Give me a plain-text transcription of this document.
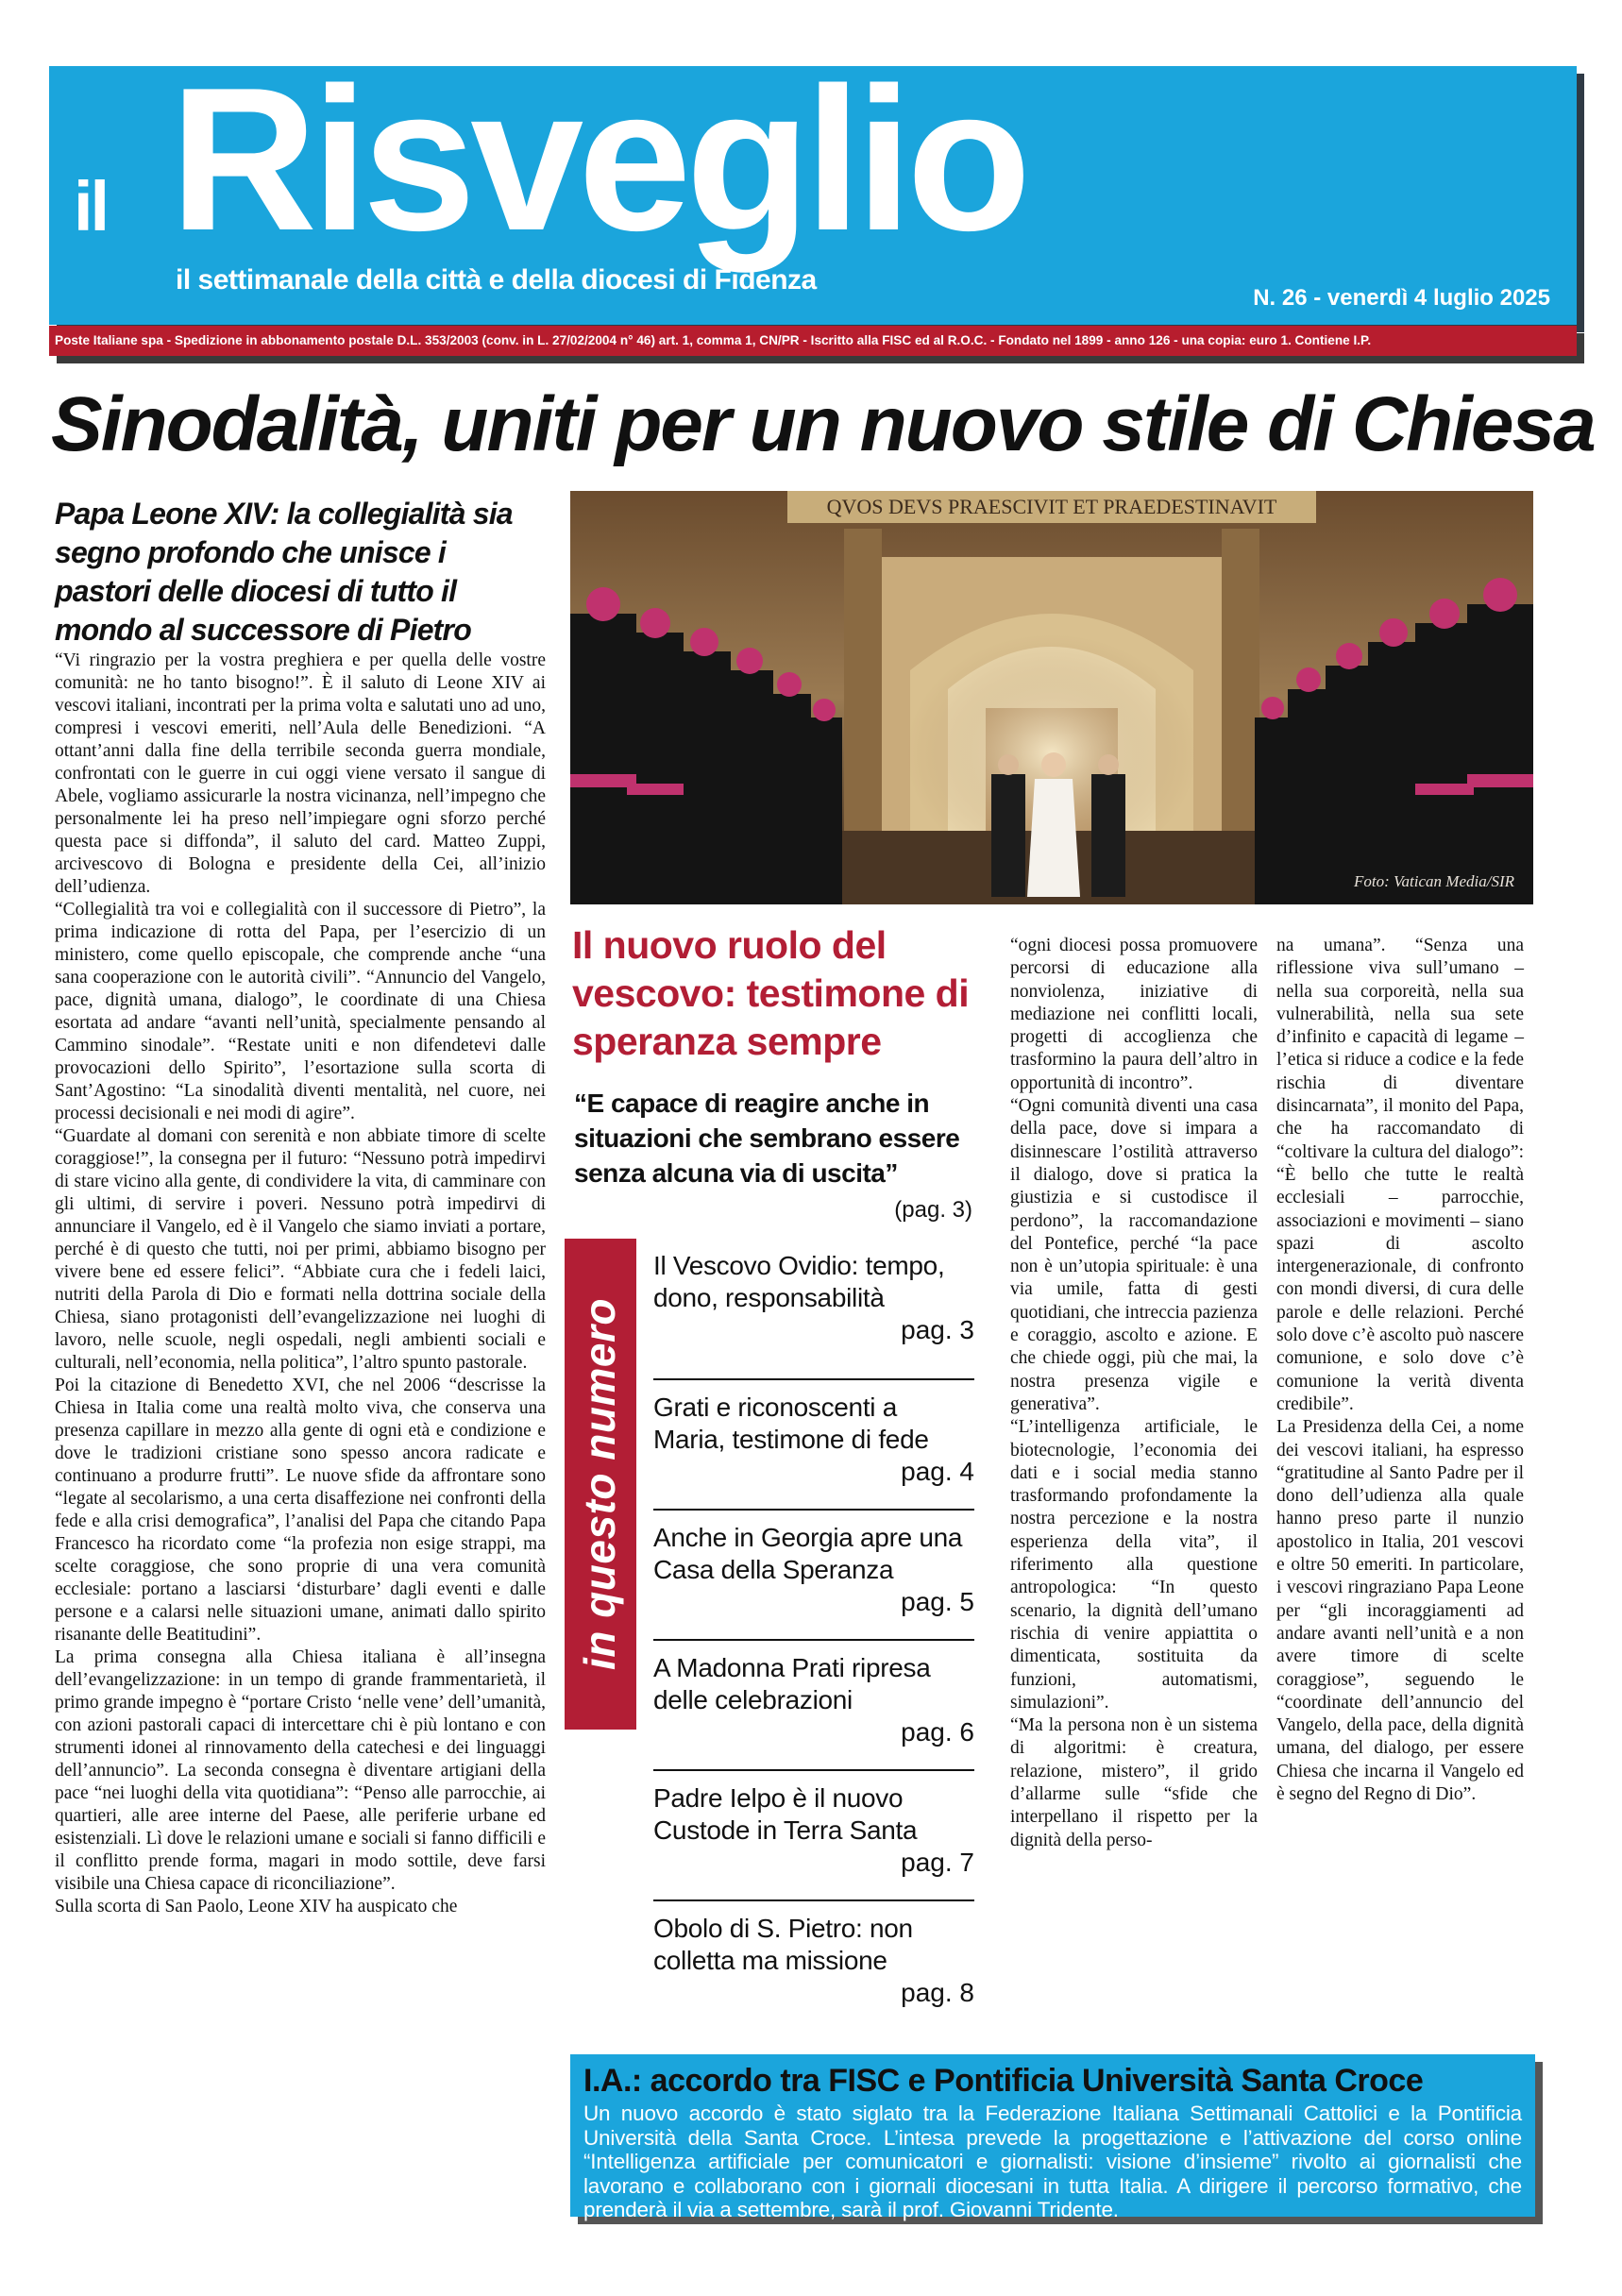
il Risveglio
il settimanale della città e della diocesi di Fidenza
N. 26 - venerdì 4 luglio 2025
Poste Italiane spa - Spedizione in abbonamento postale D.L. 353/2003 (conv. in L. 27/02/2004 n° 46) art. 1, comma 1, CN/PR - Iscritto alla FISC ed al R.O.C. - Fondato nel 1899 - anno 126 - una copia: euro 1. Contiene I.P.
Sinodalità, uniti per un nuovo stile di Chiesa
Papa Leone XIV: la collegialità sia segno profondo che unisce i pastori delle diocesi di tutto il mondo al successore di Pietro

“Vi ringrazio per la vostra preghiera e per quella delle vostre comunità: ne ho tanto bisogno!”. È il saluto di Leone XIV ai vescovi italiani, incontrati per la prima volta e salutati uno ad uno, compresi i vescovi emeriti, nell’Aula delle Benedizioni. “A ottant’anni dalla fine della terribile seconda guerra mondiale, confrontati con le guerre in cui oggi viene versato il sangue di Abele, vogliamo assicurarle la nostra vicinanza, nell’impegno che personalmente lei ha preso nell’impiegare ogni sforzo perché questa pace si diffonda”, il saluto del card. Matteo Zuppi, arcivescovo di Bologna e presidente della Cei, all’inizio dell’udienza.

“Collegialità tra voi e collegialità con il successore di Pietro”, la prima indicazione di rotta del Papa, per l’esercizio di un ministero, come quello episcopale, che comprende anche “una sana cooperazione con le autorità civili”. “Annuncio del Vangelo, pace, dignità umana, dialogo”, le coordinate di una Chiesa esortata ad andare “avanti nell’unità, specialmente pensando al Cammino sinodale”. “Restate uniti e non difendetevi dalle provocazioni dello Spirito”, l’esortazione sulla scorta di Sant’Agostino: “La sinodalità diventi mentalità, nel cuore, nei processi decisionali e nei modi di agire”.

“Guardate al domani con serenità e non abbiate timore di scelte coraggiose!”, la consegna per il futuro: “Nessuno potrà impedirvi di stare vicino alla gente, di condividere la vita, di camminare con gli ultimi, di servire i poveri. Nessuno potrà impedirvi di annunciare il Vangelo, ed è il Vangelo che siamo inviati a portare, perché è di questo che tutti, noi per primi, abbiamo bisogno per vivere bene ed essere felici”. “Abbiate cura che i fedeli laici, nutriti della Parola di Dio e formati nella dottrina sociale della Chiesa, siano protagonisti dell’evangelizzazione nei luoghi di lavoro, nelle scuole, negli ospedali, negli ambienti sociali e culturali, nell’economia, nella politica”, l’altro spunto pastorale.

Poi la citazione di Benedetto XVI, che nel 2006 “descrisse la Chiesa in Italia come una realtà molto viva, che conserva una presenza capillare in mezzo alla gente di ogni età e condizione e dove le tradizioni cristiane sono spesso ancora radicate e continuano a produrre frutti”. Le nuove sfide da affrontare sono “legate al secolarismo, a una certa disaffezione nei confronti della fede e alla crisi demografica”, l’analisi del Papa che citando Papa Francesco ha ricordato come “la profezia non esige strappi, ma scelte coraggiose, che sono proprie di una vera comunità ecclesiale: portano a lasciarsi ‘disturbare’ dagli eventi e dalle persone e a calarsi nelle situazioni umane, animati dallo spirito risanante delle Beatitudini”.

La prima consegna alla Chiesa italiana è all’insegna dell’evangelizzazione: in un tempo di grande frammentarietà, il primo grande impegno è “portare Cristo ‘nelle vene’ dell’umanità, con azioni pastorali capaci di intercettare chi è più lontano e con strumenti idonei al rinnovamento della catechesi e dei linguaggi dell’annuncio”. La seconda consegna è diventare artigiani della pace “nei luoghi della vita quotidiana”: “Penso alle parrocchie, ai quartieri, alle aree interne del Paese, alle periferie urbane ed esistenziali. Lì dove le relazioni umane e sociali si fanno difficili e il conflitto prende forma, magari in modo sottile, deve farsi visibile una Chiesa capace di riconciliazione”.

Sulla scorta di San Paolo, Leone XIV ha auspicato che

QVOS DEVS PRAESCIVIT ET PRAEDESTINAVIT
Foto: Vatican Media/SIR
Il nuovo ruolo del vescovo: testimone di speranza sempre
“E capace di reagire anche in situazioni che sembrano essere senza alcuna via di uscita”
(pag. 3)
in questo numero
Il Vescovo Ovidio: tempo, dono, responsabilità
pag. 3
Grati e riconoscenti a Maria, testimone di fede
pag. 4
Anche in Georgia apre una Casa della Speranza
pag. 5
A Madonna Prati ripresa delle celebrazioni
pag. 6
Padre Ielpo è il nuovo Custode in Terra Santa
pag. 7
Obolo di S. Pietro: non colletta ma missione
pag. 8

“ogni diocesi possa promuovere percorsi di educazione alla nonviolenza, iniziative di mediazione nei conflitti locali, progetti di accoglienza che trasformino la paura dell’altro in opportunità di incontro”.

“Ogni comunità diventi una casa della pace, dove si impara a disinnescare l’ostilità attraverso il dialogo, dove si pratica la giustizia e si custodisce il perdono”, la raccomandazione del Pontefice, perché “la pace non è un’utopia spirituale: è una via umile, fatta di gesti quotidiani, che intreccia pazienza e coraggio, ascolto e azione. E che chiede oggi, più che mai, la nostra presenza vigile e generativa”.

“L’intelligenza artificiale, le biotecnologie, l’economia dei dati e i social media stanno trasformando profondamente la nostra percezione e la nostra esperienza della vita”, il riferimento alla questione antropologica: “In questo scenario, la dignità dell’umano rischia di venire appiattita o dimenticata, sostituita da funzioni, automatismi, simulazioni”.

“Ma la persona non è un sistema di algoritmi: è creatura, relazione, mistero”, il grido d’allarme sulle “sfide che interpellano il rispetto per la dignità della perso-

na umana”. “Senza una riflessione viva sull’umano – nella sua corporeità, nella sua vulnerabilità, nella sua sete d’infinito e capacità di legame – l’etica si riduce a codice e la fede rischia di diventare disincarnata”, il monito del Papa, che ha raccomandato di “coltivare la cultura del dialogo”: “È bello che tutte le realtà ecclesiali – parrocchie, associazioni e movimenti – siano spazi di ascolto intergenerazionale, di confronto con mondi diversi, di cura delle parole e delle relazioni. Perché solo dove c’è ascolto può nascere comunione, e solo dove c’è comunione la verità diventa credibile”.

La Presidenza della Cei, a nome dei vescovi italiani, ha espresso “gratitudine al Santo Padre per il dono dell’udienza alla quale hanno preso parte il nunzio apostolico in Italia, 201 vescovi e oltre 50 emeriti. In particolare, i vescovi ringraziano Papa Leone per “gli incoraggiamenti ad andare avanti nell’unità e a non avere timore di scelte coraggiose”, seguendo le “coordinate dell’annuncio del Vangelo, della pace, della dignità umana, del dialogo, per essere Chiesa che incarna il Vangelo ed è segno del Regno di Dio”.

I.A.: accordo tra FISC e Pontificia Università Santa Croce
Un nuovo accordo è stato siglato tra la Federazione Italiana Settimanali Cattolici e la Pontificia Università della Santa Croce. L’intesa prevede la progettazione e l’attivazione del corso online “Intelligenza artificiale per comunicatori e giornalisti: visione d’insieme” rivolto ai giornalisti che lavorano e collaborano con i giornali diocesani in tutta Italia. A dirigere il percorso formativo, che prenderà il via a settembre, sarà il prof. Giovanni Tridente.
